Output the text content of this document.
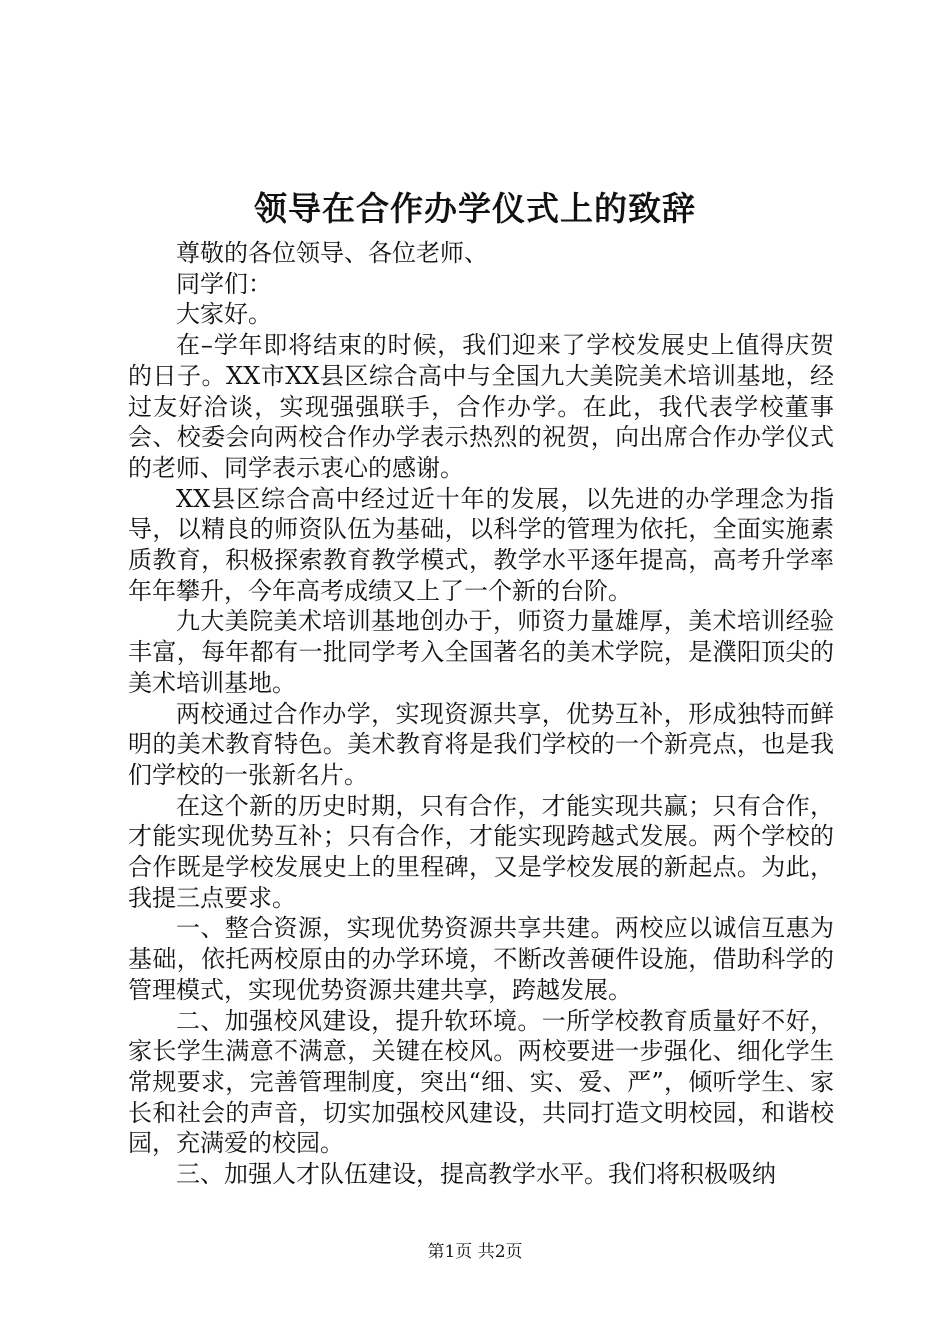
领导在合作办学仪式上的致辞

尊敬的各位领导、各位老师、

同学们：

大家好。

在–学年即将结束的时候，我们迎来了学校发展史上值得庆贺的日子。XX市XX县区综合高中与全国九大美院美术培训基地，经过友好洽谈，实现强强联手，合作办学。在此，我代表学校董事会、校委会向两校合作办学表示热烈的祝贺，向出席合作办学仪式的老师、同学表示衷心的感谢。

XX县区综合高中经过近十年的发展，以先进的办学理念为指导，以精良的师资队伍为基础，以科学的管理为依托，全面实施素质教育，积极探索教育教学模式，教学水平逐年提高，高考升学率年年攀升，今年高考成绩又上了一个新的台阶。

九大美院美术培训基地创办于，师资力量雄厚，美术培训经验丰富，每年都有一批同学考入全国著名的美术学院，是濮阳顶尖的美术培训基地。

两校通过合作办学，实现资源共享，优势互补，形成独特而鲜明的美术教育特色。美术教育将是我们学校的一个新亮点，也是我们学校的一张新名片。

在这个新的历史时期，只有合作，才能实现共赢；只有合作，才能实现优势互补；只有合作，才能实现跨越式发展。两个学校的合作既是学校发展史上的里程碑，又是学校发展的新起点。为此，我提三点要求。

一、整合资源，实现优势资源共享共建。两校应以诚信互惠为基础，依托两校原由的办学环境，不断改善硬件设施，借助科学的管理模式，实现优势资源共建共享，跨越发展。

二、加强校风建设，提升软环境。一所学校教育质量好不好，家长学生满意不满意，关键在校风。两校要进一步强化、细化学生常规要求，完善管理制度，突出“细、实、爱、严”，倾听学生、家长和社会的声音，切实加强校风建设，共同打造文明校园，和谐校园，充满爱的校园。

三、加强人才队伍建设，提高教学水平。我们将积极吸纳

第1页 共2页
